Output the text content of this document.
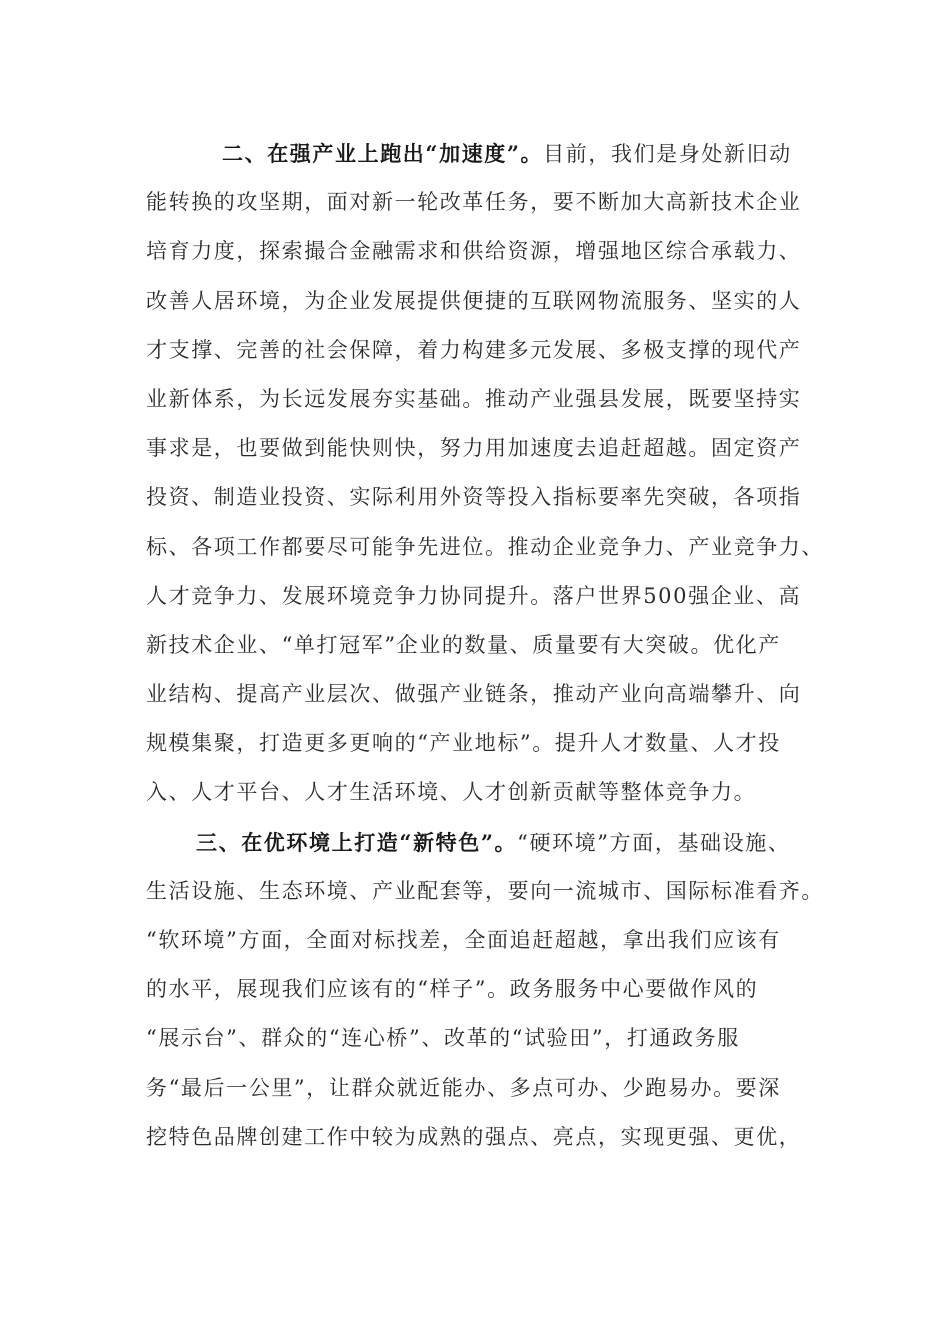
二、在强产业上跑出“加速度”。目前，我们是身处新旧动
能转换的攻坚期，面对新一轮改革任务，要不断加大高新技术企业
培育力度，探索撮合金融需求和供给资源，增强地区综合承载力、
改善人居环境，为企业发展提供便捷的互联网物流服务、坚实的人
才支撑、完善的社会保障，着力构建多元发展、多极支撑的现代产
业新体系，为长远发展夯实基础。推动产业强县发展，既要坚持实
事求是，也要做到能快则快，努力用加速度去追赶超越。固定资产
投资、制造业投资、实际利用外资等投入指标要率先突破，各项指
标、各项工作都要尽可能争先进位。推动企业竞争力、产业竞争力、
人才竞争力、发展环境竞争力协同提升。落户世界500强企业、高
新技术企业、“单打冠军”企业的数量、质量要有大突破。优化产
业结构、提高产业层次、做强产业链条，推动产业向高端攀升、向
规模集聚，打造更多更响的“产业地标”。提升人才数量、人才投
入、人才平台、人才生活环境、人才创新贡献等整体竞争力。
三、在优环境上打造“新特色”。“硬环境”方面，基础设施、
生活设施、生态环境、产业配套等，要向一流城市、国际标准看齐。
“软环境”方面，全面对标找差，全面追赶超越，拿出我们应该有
的水平，展现我们应该有的“样子”。政务服务中心要做作风的
“展示台”、群众的“连心桥”、改革的“试验田”，打通政务服
务“最后一公里”，让群众就近能办、多点可办、少跑易办。要深
挖特色品牌创建工作中较为成熟的强点、亮点，实现更强、更优，
